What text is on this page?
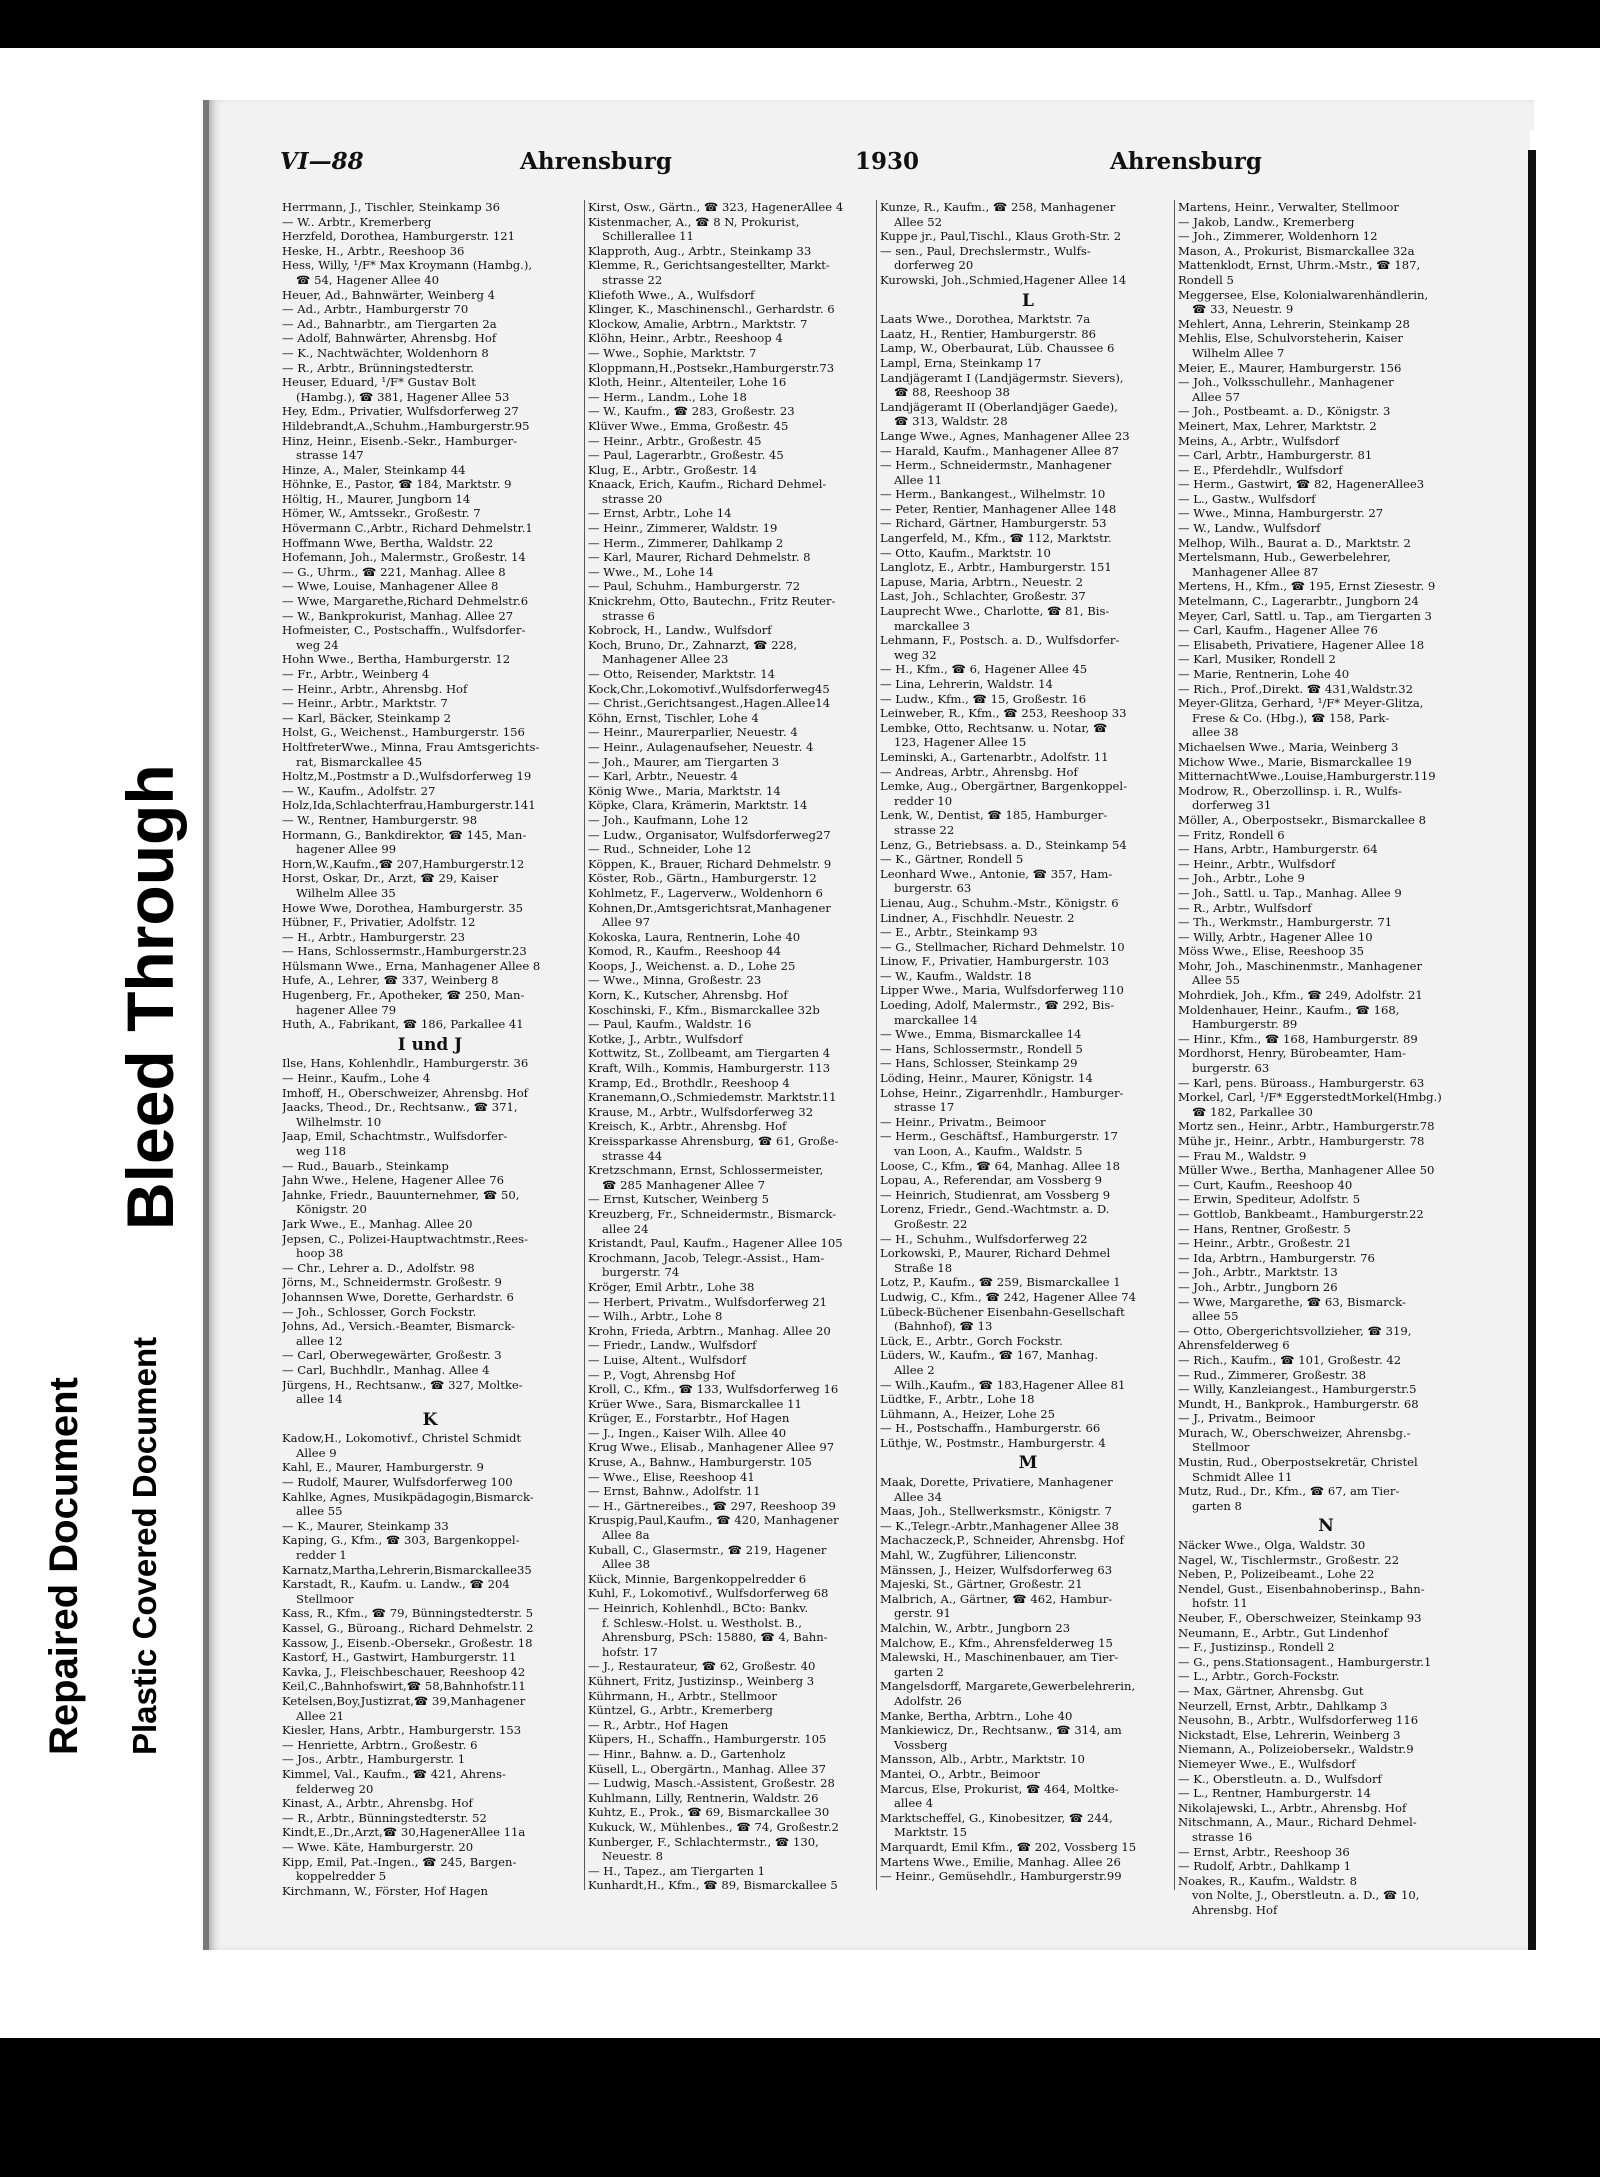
Bleed Through
Repaired Document Plastic Covered Document
VI—88	Ahrensburg	1930	Ahrensburg
Herrmann, J., Tischler, Steinkamp 36
— W.. Arbtr., Kremerberg
Herzfeld, Dorothea, Hamburgerstr. 121
Heske, H., Arbtr., Reeshoop 36
Hess, Willy, ¹/F* Max Kroymann (Hambg.),
☎ 54, Hagener Allee 40
Heuer, Ad., Bahnwärter, Weinberg 4
— Ad., Arbtr., Hamburgerstr 70
— Ad., Bahnarbtr., am Tiergarten 2a
— Adolf, Bahnwärter, Ahrensbg. Hof
— K., Nachtwächter, Woldenhorn 8
— R., Arbtr., Brünningstedterstr.
Heuser, Eduard, ¹/F* Gustav Bolt
(Hambg.), ☎ 381, Hagener Allee 53
Hey, Edm., Privatier, Wulfsdorferweg 27
Hildebrandt,A.,Schuhm.,Hamburgerstr.95
Hinz, Heinr., Eisenb.-Sekr., Hamburger-
strasse 147
Hinze, A., Maler, Steinkamp 44
Höhnke, E., Pastor, ☎ 184, Marktstr. 9
Höltig, H., Maurer, Jungborn 14
Hömer, W., Amtssekr., Großestr. 7
Hövermann C.,Arbtr., Richard Dehmelstr.1
Hoffmann Wwe, Bertha, Waldstr. 22
Hofemann, Joh., Malermstr., Großestr. 14
— G., Uhrm., ☎ 221, Manhag. Allee 8
— Wwe, Louise, Manhagener Allee 8
— Wwe, Margarethe,Richard Dehmelstr.6
— W., Bankprokurist, Manhag. Allee 27
Hofmeister, C., Postschaffn., Wulfsdorfer-
weg 24
Hohn Wwe., Bertha, Hamburgerstr. 12
— Fr., Arbtr., Weinberg 4
— Heinr., Arbtr., Ahrensbg. Hof
— Heinr., Arbtr., Marktstr. 7
— Karl, Bäcker, Steinkamp 2
Holst, G., Weichenst., Hamburgerstr. 156
HoltfreterWwe., Minna, Frau Amtsgerichts-
rat, Bismarckallee 45
Holtz,M.,Postmstr a D.,Wulfsdorferweg 19
— W., Kaufm., Adolfstr. 27
Holz,Ida,Schlachterfrau,Hamburgerstr.141
— W., Rentner, Hamburgerstr. 98
Hormann, G., Bankdirektor, ☎ 145, Man-
hagener Allee 99
Horn,W.,Kaufm.,☎ 207,Hamburgerstr.12
Horst, Oskar, Dr., Arzt, ☎ 29, Kaiser
Wilhelm Allee 35
Howe Wwe, Dorothea, Hamburgerstr. 35
Hübner, F., Privatier, Adolfstr. 12
— H., Arbtr., Hamburgerstr. 23
— Hans, Schlossermstr.,Hamburgerstr.23
Hülsmann Wwe., Erna, Manhagener Allee 8
Hufe, A., Lehrer, ☎ 337, Weinberg 8
Hugenberg, Fr., Apotheker, ☎ 250, Man-
hagener Allee 79
Huth, A., Fabrikant, ☎ 186, Parkallee 41
I und J
Ilse, Hans, Kohlenhdlr., Hamburgerstr. 36
— Heinr., Kaufm., Lohe 4
Imhoff, H., Oberschweizer, Ahrensbg. Hof
Jaacks, Theod., Dr., Rechtsanw., ☎ 371,
Wilhelmstr. 10
Jaap, Emil, Schachtmstr., Wulfsdorfer-
weg 118
— Rud., Bauarb., Steinkamp
Jahn Wwe., Helene, Hagener Allee 76
Jahnke, Friedr., Bauunternehmer, ☎ 50,
Königstr. 20
Jark Wwe., E., Manhag. Allee 20
Jepsen, C., Polizei-Hauptwachtmstr.,Rees-
hoop 38
— Chr., Lehrer a. D., Adolfstr. 98
Jörns, M., Schneidermstr. Großestr. 9
Johannsen Wwe, Dorette, Gerhardstr. 6
— Joh., Schlosser, Gorch Fockstr.
Johns, Ad., Versich.-Beamter, Bismarck-
allee 12
— Carl, Oberwegewärter, Großestr. 3
— Carl, Buchhdlr., Manhag. Allee 4
Jürgens, H., Rechtsanw., ☎ 327, Moltke-
allee 14
K
Kadow,H., Lokomotivf., Christel Schmidt
Allee 9
Kahl, E., Maurer, Hamburgerstr. 9
— Rudolf, Maurer, Wulfsdorferweg 100
Kahlke, Agnes, Musikpädagogin,Bismarck-
allee 55
— K., Maurer, Steinkamp 33
Kaping, G., Kfm., ☎ 303, Bargenkoppel-
redder 1
Karnatz,Martha,Lehrerin,Bismarckallee35
Karstadt, R., Kaufm. u. Landw., ☎ 204
Stellmoor
Kass, R., Kfm., ☎ 79, Bünningstedterstr. 5
Kassel, G., Büroang., Richard Dehmelstr. 2
Kassow, J., Eisenb.-Obersekr., Großestr. 18
Kastorf, H., Gastwirt, Hamburgerstr. 11
Kavka, J., Fleischbeschauer, Reeshoop 42
Keil,C.,Bahnhofswirt,☎ 58,Bahnhofstr.11
Ketelsen,Boy,Justizrat,☎ 39,Manhagener
Allee 21
Kiesler, Hans, Arbtr., Hamburgerstr. 153
— Henriette, Arbtrn., Großestr. 6
— Jos., Arbtr., Hamburgerstr. 1
Kimmel, Val., Kaufm., ☎ 421, Ahrens-
felderweg 20
Kinast, A., Arbtr., Ahrensbg. Hof
— R., Arbtr., Bünningstedterstr. 52
Kindt,E.,Dr.,Arzt,☎ 30,HagenerAllee 11a
— Wwe. Käte, Hamburgerstr. 20
Kipp, Emil, Pat.-Ingen., ☎ 245, Bargen-
koppelredder 5
Kirchmann, W., Förster, Hof Hagen
Kirst, Osw., Gärtn., ☎ 323, HagenerAllee 4
Kistenmacher, A., ☎ 8 N, Prokurist,
Schillerallee 11
Klapproth, Aug., Arbtr., Steinkamp 33
Klemme, R., Gerichtsangestellter, Markt-
strasse 22
Kliefoth Wwe., A., Wulfsdorf
Klinger, K., Maschinenschl., Gerhardstr. 6
Klockow, Amalie, Arbtrn., Marktstr. 7
Klöhn, Heinr., Arbtr., Reeshoop 4
— Wwe., Sophie, Marktstr. 7
Kloppmann,H.,Postsekr.,Hamburgerstr.73
Kloth, Heinr., Altenteiler, Lohe 16
— Herm., Landm., Lohe 18
— W., Kaufm., ☎ 283, Großestr. 23
Klüver Wwe., Emma, Großestr. 45
— Heinr., Arbtr., Großestr. 45
— Paul, Lagerarbtr., Großestr. 45
Klug, E., Arbtr., Großestr. 14
Knaack, Erich, Kaufm., Richard Dehmel-
strasse 20
— Ernst, Arbtr., Lohe 14
— Heinr., Zimmerer, Waldstr. 19
— Herm., Zimmerer, Dahlkamp 2
— Karl, Maurer, Richard Dehmelstr. 8
— Wwe., M., Lohe 14
— Paul, Schuhm., Hamburgerstr. 72
Knickrehm, Otto, Bautechn., Fritz Reuter-
strasse 6
Kobrock, H., Landw., Wulfsdorf
Koch, Bruno, Dr., Zahnarzt, ☎ 228,
Manhagener Allee 23
— Otto, Reisender, Marktstr. 14
Kock,Chr.,Lokomotivf.,Wulfsdorferweg45
— Christ.,Gerichtsangest.,Hagen.Allee14
Köhn, Ernst, Tischler, Lohe 4
— Heinr., Maurerparlier, Neuestr. 4
— Heinr., Aulagenaufseher, Neuestr. 4
— Joh., Maurer, am Tiergarten 3
— Karl, Arbtr., Neuestr. 4
König Wwe., Maria, Marktstr. 14
Köpke, Clara, Krämerin, Marktstr. 14
— Joh., Kaufmann, Lohe 12
— Ludw., Organisator, Wulfsdorferweg27
— Rud., Schneider, Lohe 12
Köppen, K., Brauer, Richard Dehmelstr. 9
Köster, Rob., Gärtn., Hamburgerstr. 12
Kohlmetz, F., Lagerverw., Woldenhorn 6
Kohnen,Dr.,Amtsgerichtsrat,Manhagener
Allee 97
Kokoska, Laura, Rentnerin, Lohe 40
Komod, R., Kaufm., Reeshoop 44
Koops, J., Weichenst. a. D., Lohe 25
— Wwe., Minna, Großestr. 23
Korn, K., Kutscher, Ahrensbg. Hof
Koschinski, F., Kfm., Bismarckallee 32b
— Paul, Kaufm., Waldstr. 16
Kotke, J., Arbtr., Wulfsdorf
Kottwitz, St., Zollbeamt, am Tiergarten 4
Kraft, Wilh., Kommis, Hamburgerstr. 113
Kramp, Ed., Brothdlr., Reeshoop 4
Kranemann,O.,Schmiedemstr. Marktstr.11
Krause, M., Arbtr., Wulfsdorferweg 32
Kreisch, K., Arbtr., Ahrensbg. Hof
Kreissparkasse Ahrensburg, ☎ 61, Große-
strasse 44
Kretzschmann, Ernst, Schlossermeister,
☎ 285 Manhagener Allee 7
— Ernst, Kutscher, Weinberg 5
Kreuzberg, Fr., Schneidermstr., Bismarck-
allee 24
Kristandt, Paul, Kaufm., Hagener Allee 105
Krochmann, Jacob, Telegr.-Assist., Ham-
burgerstr. 74
Kröger, Emil Arbtr., Lohe 38
— Herbert, Privatm., Wulfsdorferweg 21
— Wilh., Arbtr., Lohe 8
Krohn, Frieda, Arbtrn., Manhag. Allee 20
— Friedr., Landw., Wulfsdorf
— Luise, Altent., Wulfsdorf
— P., Vogt, Ahrensbg Hof
Kroll, C., Kfm., ☎ 133, Wulfsdorferweg 16
Krüer Wwe., Sara, Bismarckallee 11
Krüger, E., Forstarbtr., Hof Hagen
— J., Ingen., Kaiser Wilh. Allee 40
Krug Wwe., Elisab., Manhagener Allee 97
Kruse, A., Bahnw., Hamburgerstr. 105
— Wwe., Elise, Reeshoop 41
— Ernst, Bahnw., Adolfstr. 11
— H., Gärtnereibes., ☎ 297, Reeshoop 39
Kruspig,Paul,Kaufm., ☎ 420, Manhagener
Allee 8a
Kuball, C., Glasermstr., ☎ 219, Hagener
Allee 38
Kück, Minnie, Bargenkoppelredder 6
Kuhl, F., Lokomotivf., Wulfsdorferweg 68
— Heinrich, Kohlenhdl., BCto: Bankv.
f. Schlesw.-Holst. u. Westholst. B.,
Ahrensburg, PSch: 15880, ☎ 4, Bahn-
hofstr. 17
— J., Restaurateur, ☎ 62, Großestr. 40
Kühnert, Fritz, Justizinsp., Weinberg 3
Kührmann, H., Arbtr., Stellmoor
Küntzel, G., Arbtr., Kremerberg
— R., Arbtr., Hof Hagen
Küpers, H., Schaffn., Hamburgerstr. 105
— Hinr., Bahnw. a. D., Gartenholz
Küsell, L., Obergärtn., Manhag. Allee 37
— Ludwig, Masch.-Assistent, Großestr. 28
Kuhlmann, Lilly, Rentnerin, Waldstr. 26
Kuhtz, E., Prok., ☎ 69, Bismarckallee 30
Kukuck, W., Mühlenbes., ☎ 74, Großestr.2
Kunberger, F., Schlachtermstr., ☎ 130,
Neuestr. 8
— H., Tapez., am Tiergarten 1
Kunhardt,H., Kfm., ☎ 89, Bismarckallee 5
Kunze, R., Kaufm., ☎ 258, Manhagener
Allee 52
Kuppe jr., Paul,Tischl., Klaus Groth-Str. 2
— sen., Paul, Drechslermstr., Wulfs-
dorferweg 20
Kurowski, Joh.,Schmied,Hagener Allee 14
L
Laats Wwe., Dorothea, Marktstr. 7a
Laatz, H., Rentier, Hamburgerstr. 86
Lamp, W., Oberbaurat, Lüb. Chaussee 6
Lampl, Erna, Steinkamp 17
Landjägeramt I (Landjägermstr. Sievers),
☎ 88, Reeshoop 38
Landjägeramt II (Oberlandjäger Gaede),
☎ 313, Waldstr. 28
Lange Wwe., Agnes, Manhagener Allee 23
— Harald, Kaufm., Manhagener Allee 87
— Herm., Schneidermstr., Manhagener
Allee 11
— Herm., Bankangest., Wilhelmstr. 10
— Peter, Rentier, Manhagener Allee 148
— Richard, Gärtner, Hamburgerstr. 53
Langerfeld, M., Kfm., ☎ 112, Marktstr.
— Otto, Kaufm., Marktstr. 10
Langlotz, E., Arbtr., Hamburgerstr. 151
Lapuse, Maria, Arbtrn., Neuestr. 2
Last, Joh., Schlachter, Großestr. 37
Lauprecht Wwe., Charlotte, ☎ 81, Bis-
marckallee 3
Lehmann, F., Postsch. a. D., Wulfsdorfer-
weg 32
— H., Kfm., ☎ 6, Hagener Allee 45
— Lina, Lehrerin, Waldstr. 14
— Ludw., Kfm., ☎ 15, Großestr. 16
Leinweber, R., Kfm., ☎ 253, Reeshoop 33
Lembke, Otto, Rechtsanw. u. Notar, ☎
123, Hagener Allee 15
Leminski, A., Gartenarbtr., Adolfstr. 11
— Andreas, Arbtr., Ahrensbg. Hof
Lemke, Aug., Obergärtner, Bargenkoppel-
redder 10
Lenk, W., Dentist, ☎ 185, Hamburger-
strasse 22
Lenz, G., Betriebsass. a. D., Steinkamp 54
— K., Gärtner, Rondell 5
Leonhard Wwe., Antonie, ☎ 357, Ham-
burgerstr. 63
Lienau, Aug., Schuhm.-Mstr., Königstr. 6
Lindner, A., Fischhdlr. Neuestr. 2
— E., Arbtr., Steinkamp 93
— G., Stellmacher, Richard Dehmelstr. 10
Linow, F., Privatier, Hamburgerstr. 103
— W., Kaufm., Waldstr. 18
Lipper Wwe., Maria, Wulfsdorferweg 110
Loeding, Adolf, Malermstr., ☎ 292, Bis-
marckallee 14
— Wwe., Emma, Bismarckallee 14
— Hans, Schlossermstr., Rondell 5
— Hans, Schlosser, Steinkamp 29
Löding, Heinr., Maurer, Königstr. 14
Lohse, Heinr., Zigarrenhdlr., Hamburger-
strasse 17
— Heinr., Privatm., Beimoor
— Herm., Geschäftsf., Hamburgerstr. 17
van Loon, A., Kaufm., Waldstr. 5
Loose, C., Kfm., ☎ 64, Manhag. Allee 18
Lopau, A., Referendar, am Vossberg 9
— Heinrich, Studienrat, am Vossberg 9
Lorenz, Friedr., Gend.-Wachtmstr. a. D.
Großestr. 22
— H., Schuhm., Wulfsdorferweg 22
Lorkowski, P., Maurer, Richard Dehmel
Straße 18
Lotz, P., Kaufm., ☎ 259, Bismarckallee 1
Ludwig, C., Kfm., ☎ 242, Hagener Allee 74
Lübeck-Büchener Eisenbahn-Gesellschaft
(Bahnhof), ☎ 13
Lück, E., Arbtr., Gorch Fockstr.
Lüders, W., Kaufm., ☎ 167, Manhag.
Allee 2
— Wilh.,Kaufm., ☎ 183,Hagener Allee 81
Lüdtke, F., Arbtr., Lohe 18
Lühmann, A., Heizer, Lohe 25
— H., Postschaffn., Hamburgerstr. 66
Lüthje, W., Postmstr., Hamburgerstr. 4
M
Maak, Dorette, Privatiere, Manhagener
Allee 34
Maas, Joh., Stellwerksmstr., Königstr. 7
— K.,Telegr.-Arbtr.,Manhagener Allee 38
Machaczeck,P., Schneider, Ahrensbg. Hof
Mahl, W., Zugführer, Lilienconstr.
Mänssen, J., Heizer, Wulfsdorferweg 63
Majeski, St., Gärtner, Großestr. 21
Malbrich, A., Gärtner, ☎ 462, Hambur-
gerstr. 91
Malchin, W., Arbtr., Jungborn 23
Malchow, E., Kfm., Ahrensfelderweg 15
Malewski, H., Maschinenbauer, am Tier-
garten 2
Mangelsdorff, Margarete,Gewerbelehrerin,
Adolfstr. 26
Manke, Bertha, Arbtrn., Lohe 40
Mankiewicz, Dr., Rechtsanw., ☎ 314, am
Vossberg
Mansson, Alb., Arbtr., Marktstr. 10
Mantei, O., Arbtr., Beimoor
Marcus, Else, Prokurist, ☎ 464, Moltke-
allee 4
Marktscheffel, G., Kinobesitzer, ☎ 244,
Marktstr. 15
Marquardt, Emil Kfm., ☎ 202, Vossberg 15
Martens Wwe., Emilie, Manhag. Allee 26
— Heinr., Gemüsehdlr., Hamburgerstr.99
Martens, Heinr., Verwalter, Stellmoor
— Jakob, Landw., Kremerberg
— Joh., Zimmerer, Woldenhorn 12
Mason, A., Prokurist, Bismarckallee 32a
Mattenklodt, Ernst, Uhrm.-Mstr., ☎ 187,
Rondell 5
Meggersee, Else, Kolonialwarenhändlerin,
☎ 33, Neuestr. 9
Mehlert, Anna, Lehrerin, Steinkamp 28
Mehlis, Else, Schulvorsteherin, Kaiser
Wilhelm Allee 7
Meier, E., Maurer, Hamburgerstr. 156
— Joh., Volksschullehr., Manhagener
Allee 57
— Joh., Postbeamt. a. D., Königstr. 3
Meinert, Max, Lehrer, Marktstr. 2
Meins, A., Arbtr., Wulfsdorf
— Carl, Arbtr., Hamburgerstr. 81
— E., Pferdehdlr., Wulfsdorf
— Herm., Gastwirt, ☎ 82, HagenerAllee3
— L., Gastw., Wulfsdorf
— Wwe., Minna, Hamburgerstr. 27
— W., Landw., Wulfsdorf
Melhop, Wilh., Baurat a. D., Marktstr. 2
Mertelsmann, Hub., Gewerbelehrer,
Manhagener Allee 87
Mertens, H., Kfm., ☎ 195, Ernst Ziesestr. 9
Metelmann, C., Lagerarbtr., Jungborn 24
Meyer, Carl, Sattl. u. Tap., am Tiergarten 3
— Carl, Kaufm., Hagener Allee 76
— Elisabeth, Privatiere, Hagener Allee 18
— Karl, Musiker, Rondell 2
— Marie, Rentnerin, Lohe 40
— Rich., Prof.,Direkt. ☎ 431,Waldstr.32
Meyer-Glitza, Gerhard, ¹/F* Meyer-Glitza,
Frese & Co. (Hbg.), ☎ 158, Park-
allee 38
Michaelsen Wwe., Maria, Weinberg 3
Michow Wwe., Marie, Bismarckallee 19
MitternachtWwe.,Louise,Hamburgerstr.119
Modrow, R., Oberzollinsp. i. R., Wulfs-
dorferweg 31
Möller, A., Oberpostsekr., Bismarckallee 8
— Fritz, Rondell 6
— Hans, Arbtr., Hamburgerstr. 64
— Heinr., Arbtr., Wulfsdorf
— Joh., Arbtr., Lohe 9
— Joh., Sattl. u. Tap., Manhag. Allee 9
— R., Arbtr., Wulfsdorf
— Th., Werkmstr., Hamburgerstr. 71
— Willy, Arbtr., Hagener Allee 10
Möss Wwe., Elise, Reeshoop 35
Mohr, Joh., Maschinenmstr., Manhagener
Allee 55
Mohrdiek, Joh., Kfm., ☎ 249, Adolfstr. 21
Moldenhauer, Heinr., Kaufm., ☎ 168,
Hamburgerstr. 89
— Hinr., Kfm., ☎ 168, Hamburgerstr. 89
Mordhorst, Henry, Bürobeamter, Ham-
burgerstr. 63
— Karl, pens. Büroass., Hamburgerstr. 63
Morkel, Carl, ¹/F* EggerstedtMorkel(Hmbg.)
☎ 182, Parkallee 30
Mortz sen., Heinr., Arbtr., Hamburgerstr.78
Mühe jr., Heinr., Arbtr., Hamburgerstr. 78
— Frau M., Waldstr. 9
Müller Wwe., Berthа, Manhagener Allee 50
— Curt, Kaufm., Reeshoop 40
— Erwin, Spediteur, Adolfstr. 5
— Gottlob, Bankbeamt., Hamburgerstr.22
— Hans, Rentner, Großestr. 5
— Heinr., Arbtr., Großestr. 21
— Ida, Arbtrn., Hamburgerstr. 76
— Joh., Arbtr., Marktstr. 13
— Joh., Arbtr., Jungborn 26
— Wwe, Margarethe, ☎ 63, Bismarck-
allee 55
— Otto, Obergerichtsvollzieher, ☎ 319,
Ahrensfelderweg 6
— Rich., Kaufm., ☎ 101, Großestr. 42
— Rud., Zimmerer, Großestr. 38
— Willy, Kanzleiangest., Hamburgerstr.5
Mundt, H., Bankprok., Hamburgerstr. 68
— J., Privatm., Beimoor
Murach, W., Oberschweizer, Ahrensbg.-
Stellmoor
Mustin, Rud., Oberpostsekretär, Christel
Schmidt Allee 11
Mutz, Rud., Dr., Kfm., ☎ 67, am Tier-
garten 8
N
Näcker Wwe., Olga, Waldstr. 30
Nagel, W., Tischlermstr., Großestr. 22
Neben, P., Polizeibeamt., Lohe 22
Nendel, Gust., Eisenbahnoberinsp., Bahn-
hofstr. 11
Neuber, F., Oberschweizer, Steinkamp 93
Neumann, E., Arbtr., Gut Lindenhof
— F., Justizinsp., Rondell 2
— G., pens.Stationsagent., Hamburgerstr.1
— L., Arbtr., Gorch-Fockstr.
— Max, Gärtner, Ahrensbg. Gut
Neurzell, Ernst, Arbtr., Dahlkamp 3
Neusohn, B., Arbtr., Wulfsdorferweg 116
Nickstadt, Else, Lehrerin, Weinberg 3
Niemann, A., Polizeiobersekr., Waldstr.9
Niemeyer Wwe., E., Wulfsdorf
— K., Oberstleutn. a. D., Wulfsdorf
— L., Rentner, Hamburgerstr. 14
Nikolajewski, L., Arbtr., Ahrensbg. Hof
Nitschmann, A., Maur., Richard Dehmel-
strasse 16
— Ernst, Arbtr., Reeshoop 36
— Rudolf, Arbtr., Dahlkamp 1
Noakes, R., Kaufm., Waldstr. 8
von Nolte, J., Oberstleutn. a. D., ☎ 10,
Ahrensbg. Hof
